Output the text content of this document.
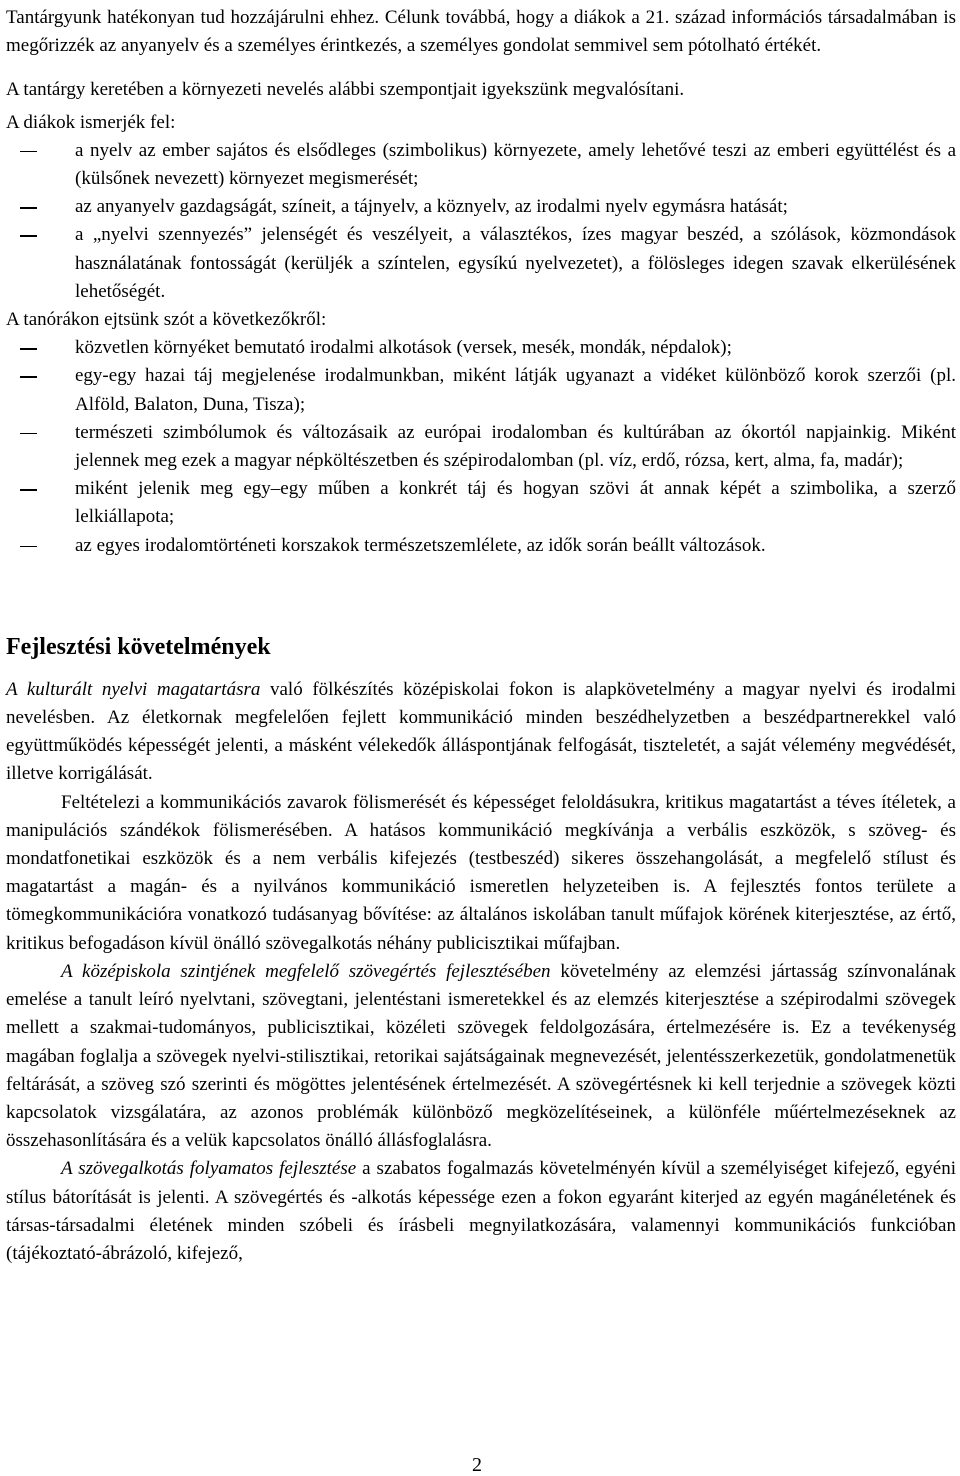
Tantárgyunk hatékonyan tud hozzájárulni ehhez. Célunk továbbá, hogy a diákok a 21. század információs társadalmában is megőrizzék az anyanyelv és a személyes érintkezés, a személyes gondolat semmivel sem pótolható értékét.

A tantárgy keretében a környezeti nevelés alábbi szempontjait igyekszünk megvalósítani.

A diákok ismerjék fel:

a nyelv az ember sajátos és elsődleges (szimbolikus) környezete, amely lehetővé teszi az emberi együttélést és a (külsőnek nevezett) környezet megismerését;
az anyanyelv gazdagságát, színeit, a tájnyelv, a köznyelv, az irodalmi nyelv egymásra hatását;
a „nyelvi szennyezés” jelenségét és veszélyeit, a választékos, ízes magyar beszéd, a szólások, közmondások használatának fontosságát (kerüljék a színtelen, egysíkú nyelvezetet), a fölösleges idegen szavak elkerülésének lehetőségét.

A tanórákon ejtsünk szót a következőkről:

közvetlen környéket bemutató irodalmi alkotások (versek, mesék, mondák, népdalok);
egy-egy hazai táj megjelenése irodalmunkban, miként látják ugyanazt a vidéket különböző korok szerzői (pl. Alföld, Balaton, Duna, Tisza);
természeti szimbólumok és változásaik az európai irodalomban és kultúrában az ókortól napjainkig. Miként jelennek meg ezek a magyar népköltészetben és szépirodalomban (pl. víz, erdő, rózsa, kert, alma, fa, madár);
miként jelenik meg egy–egy műben a konkrét táj és hogyan szövi át annak képét a szimbolika, a szerző lelkiállapota;
az egyes irodalomtörténeti korszakok természetszemlélete, az idők során beállt változások.
Fejlesztési követelmények

A kulturált nyelvi magatartásra való fölkészítés középiskolai fokon is alapkövetelmény a magyar nyelvi és irodalmi nevelésben. Az életkornak megfelelően fejlett kommunikáció minden beszédhelyzetben a beszédpartnerekkel való együttműködés képességét jelenti, a másként vélekedők álláspontjának felfogását, tiszteletét, a saját vélemény megvédését, illetve korrigálását.

Feltételezi a kommunikációs zavarok fölismerését és képességet feloldásukra, kritikus magatartást a téves ítéletek, a manipulációs szándékok fölismerésében. A hatásos kommunikáció megkívánja a verbális eszközök, s szöveg- és mondatfonetikai eszközök és a nem verbális kifejezés (testbeszéd) sikeres összehangolását, a megfelelő stílust és magatartást a magán- és a nyilvános kommunikáció ismeretlen helyzeteiben is. A fejlesztés fontos területe a tömegkommunikációra vonatkozó tudásanyag bővítése: az általános iskolában tanult műfajok körének kiterjesztése, az értő, kritikus befogadáson kívül önálló szövegalkotás néhány publicisztikai műfajban.

A középiskola szintjének megfelelő szövegértés fejlesztésében követelmény az elemzési jártasság színvonalának emelése a tanult leíró nyelvtani, szövegtani, jelentéstani ismeretekkel és az elemzés kiterjesztése a szépirodalmi szövegek mellett a szakmai-tudományos, publicisztikai, közéleti szövegek feldolgozására, értelmezésére is. Ez a tevékenység magában foglalja a szövegek nyelvi-stilisztikai, retorikai sajátságainak megnevezését, jelentésszerkezetük, gondolatmenetük feltárását, a szöveg szó szerinti és mögöttes jelentésének értelmezését. A szövegértésnek ki kell terjednie a szövegek közti kapcsolatok vizsgálatára, az azonos problémák különböző megközelítéseinek, a különféle műértelmezéseknek az összehasonlítására és a velük kapcsolatos önálló állásfoglalásra.

A szövegalkotás folyamatos fejlesztése a szabatos fogalmazás követelményén kívül a személyiséget kifejező, egyéni stílus bátorítását is jelenti. A szövegértés és -alkotás képessége ezen a fokon egyaránt kiterjed az egyén magánéletének és társas-társadalmi életének minden szóbeli és írásbeli megnyilatkozására, valamennyi kommunikációs funkcióban (tájékoztató-ábrázoló, kifejező,

2
